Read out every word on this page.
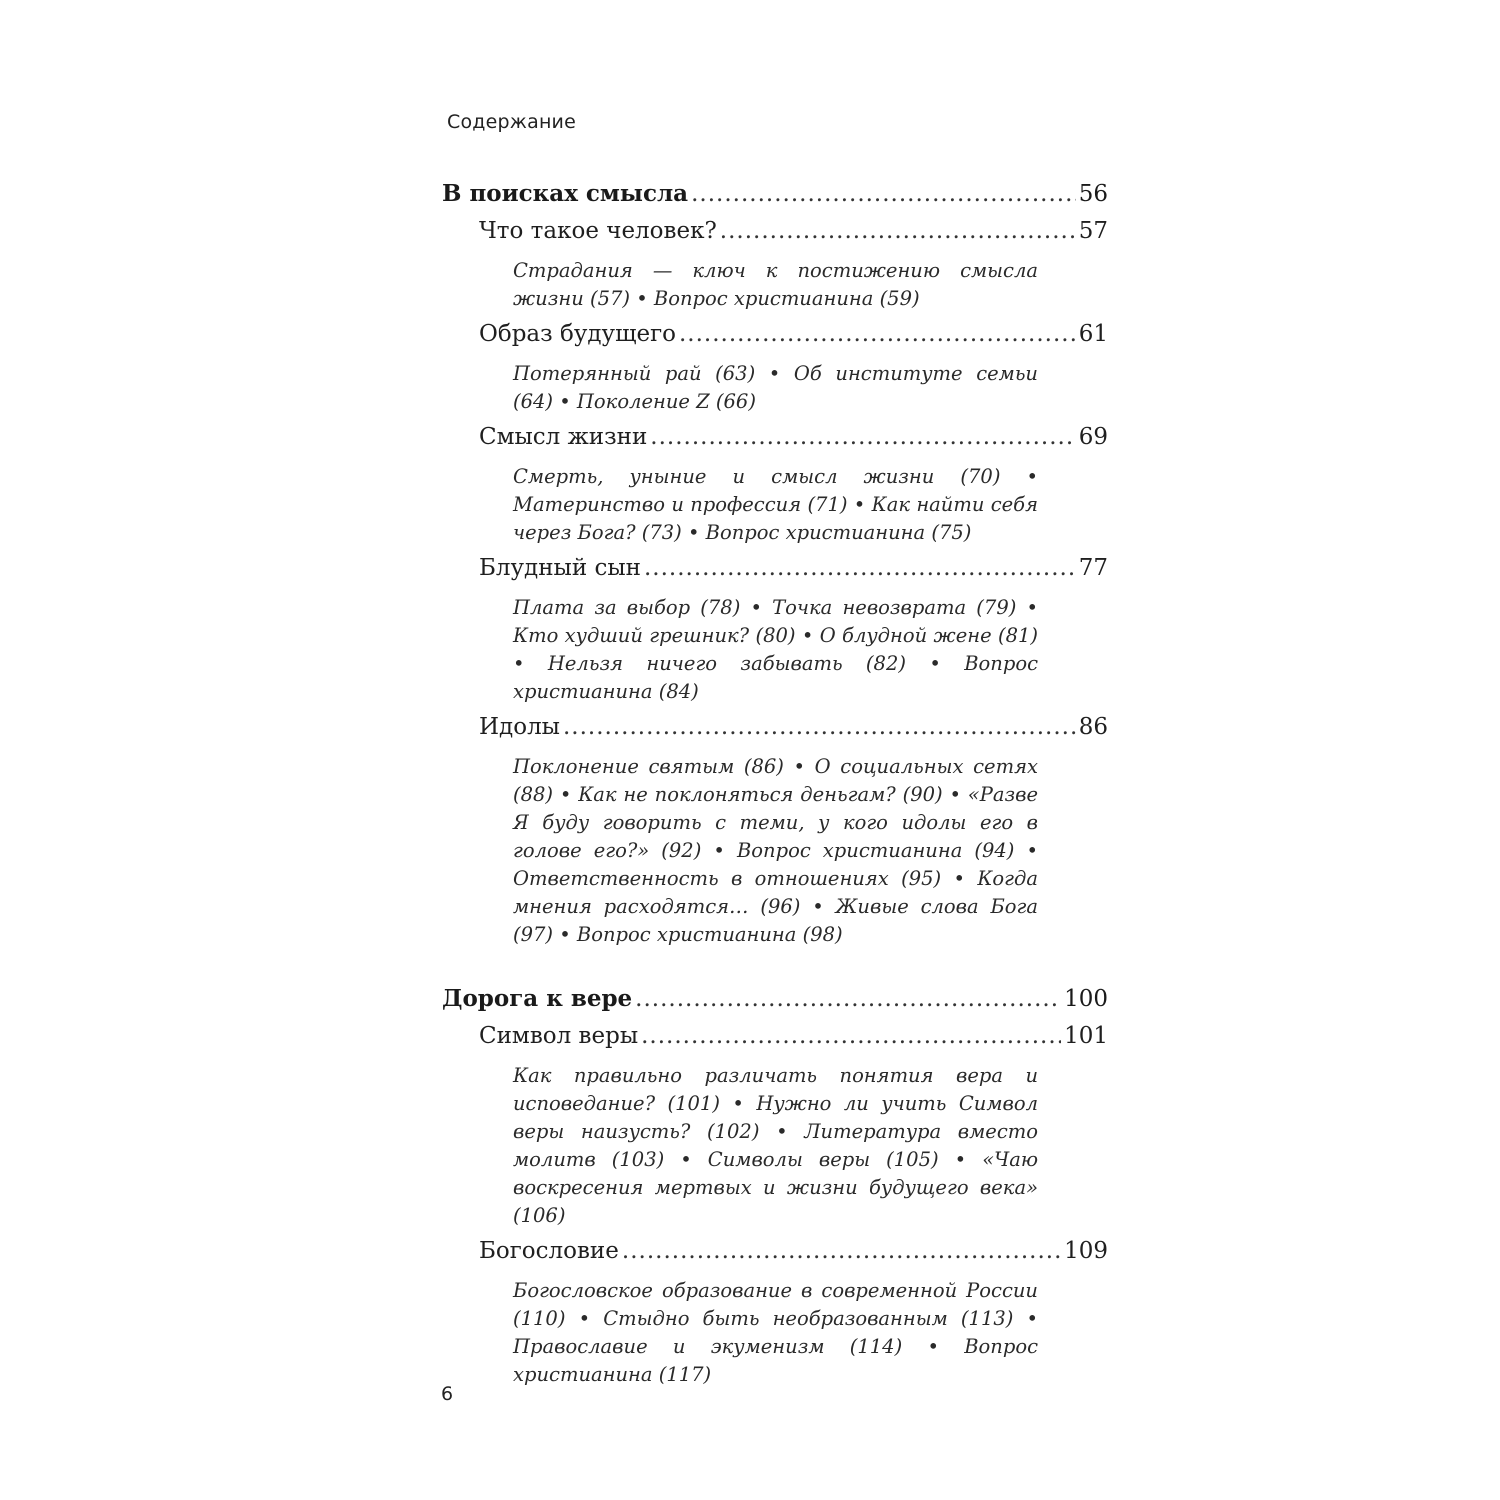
Содержание
В поисках смысла .....	56
Что такое человек? .....	57
Страдания — ключ к постижению смысла жизни (57) • Вопрос христианина (59)
Образ будущего .....	61
Потерянный рай (63) • Об институте семьи (64) • Поколение Z (66)
Смысл жизни .....	69
Смерть, уныние и смысл жизни (70) • Материнство и профессия (71) • Как найти себя через Бога? (73) • Вопрос христианина (75)
Блудный сын .....	77
Плата за выбор (78) • Точка невозврата (79) • Кто худший грешник? (80) • О блудной жене (81) • Нельзя ничего забывать (82) • Вопрос христианина (84)
Идолы .....	86
Поклонение святым (86) • О социальных сетях (88) • Как не поклоняться деньгам? (90) • «Разве Я буду говорить с теми, у кого идолы его в голове его?» (92) • Вопрос христианина (94) • Ответственность в отношениях (95) • Когда мнения расходятся… (96) • Живые слова Бога (97) • Вопрос христианина (98)
Дорога к вере .....	100
Символ веры .....	101
Как правильно различать понятия вера и исповедание? (101) • Нужно ли учить Символ веры наизусть? (102) • Литература вместо молитв (103) • Символы веры (105) • «Чаю воскресения мертвых и жизни будущего века» (106)
Богословие .....	109
Богословское образование в современной России (110) • Стыдно быть необразованным (113) • Православие и экуменизм (114) • Вопрос христианина (117)
6
